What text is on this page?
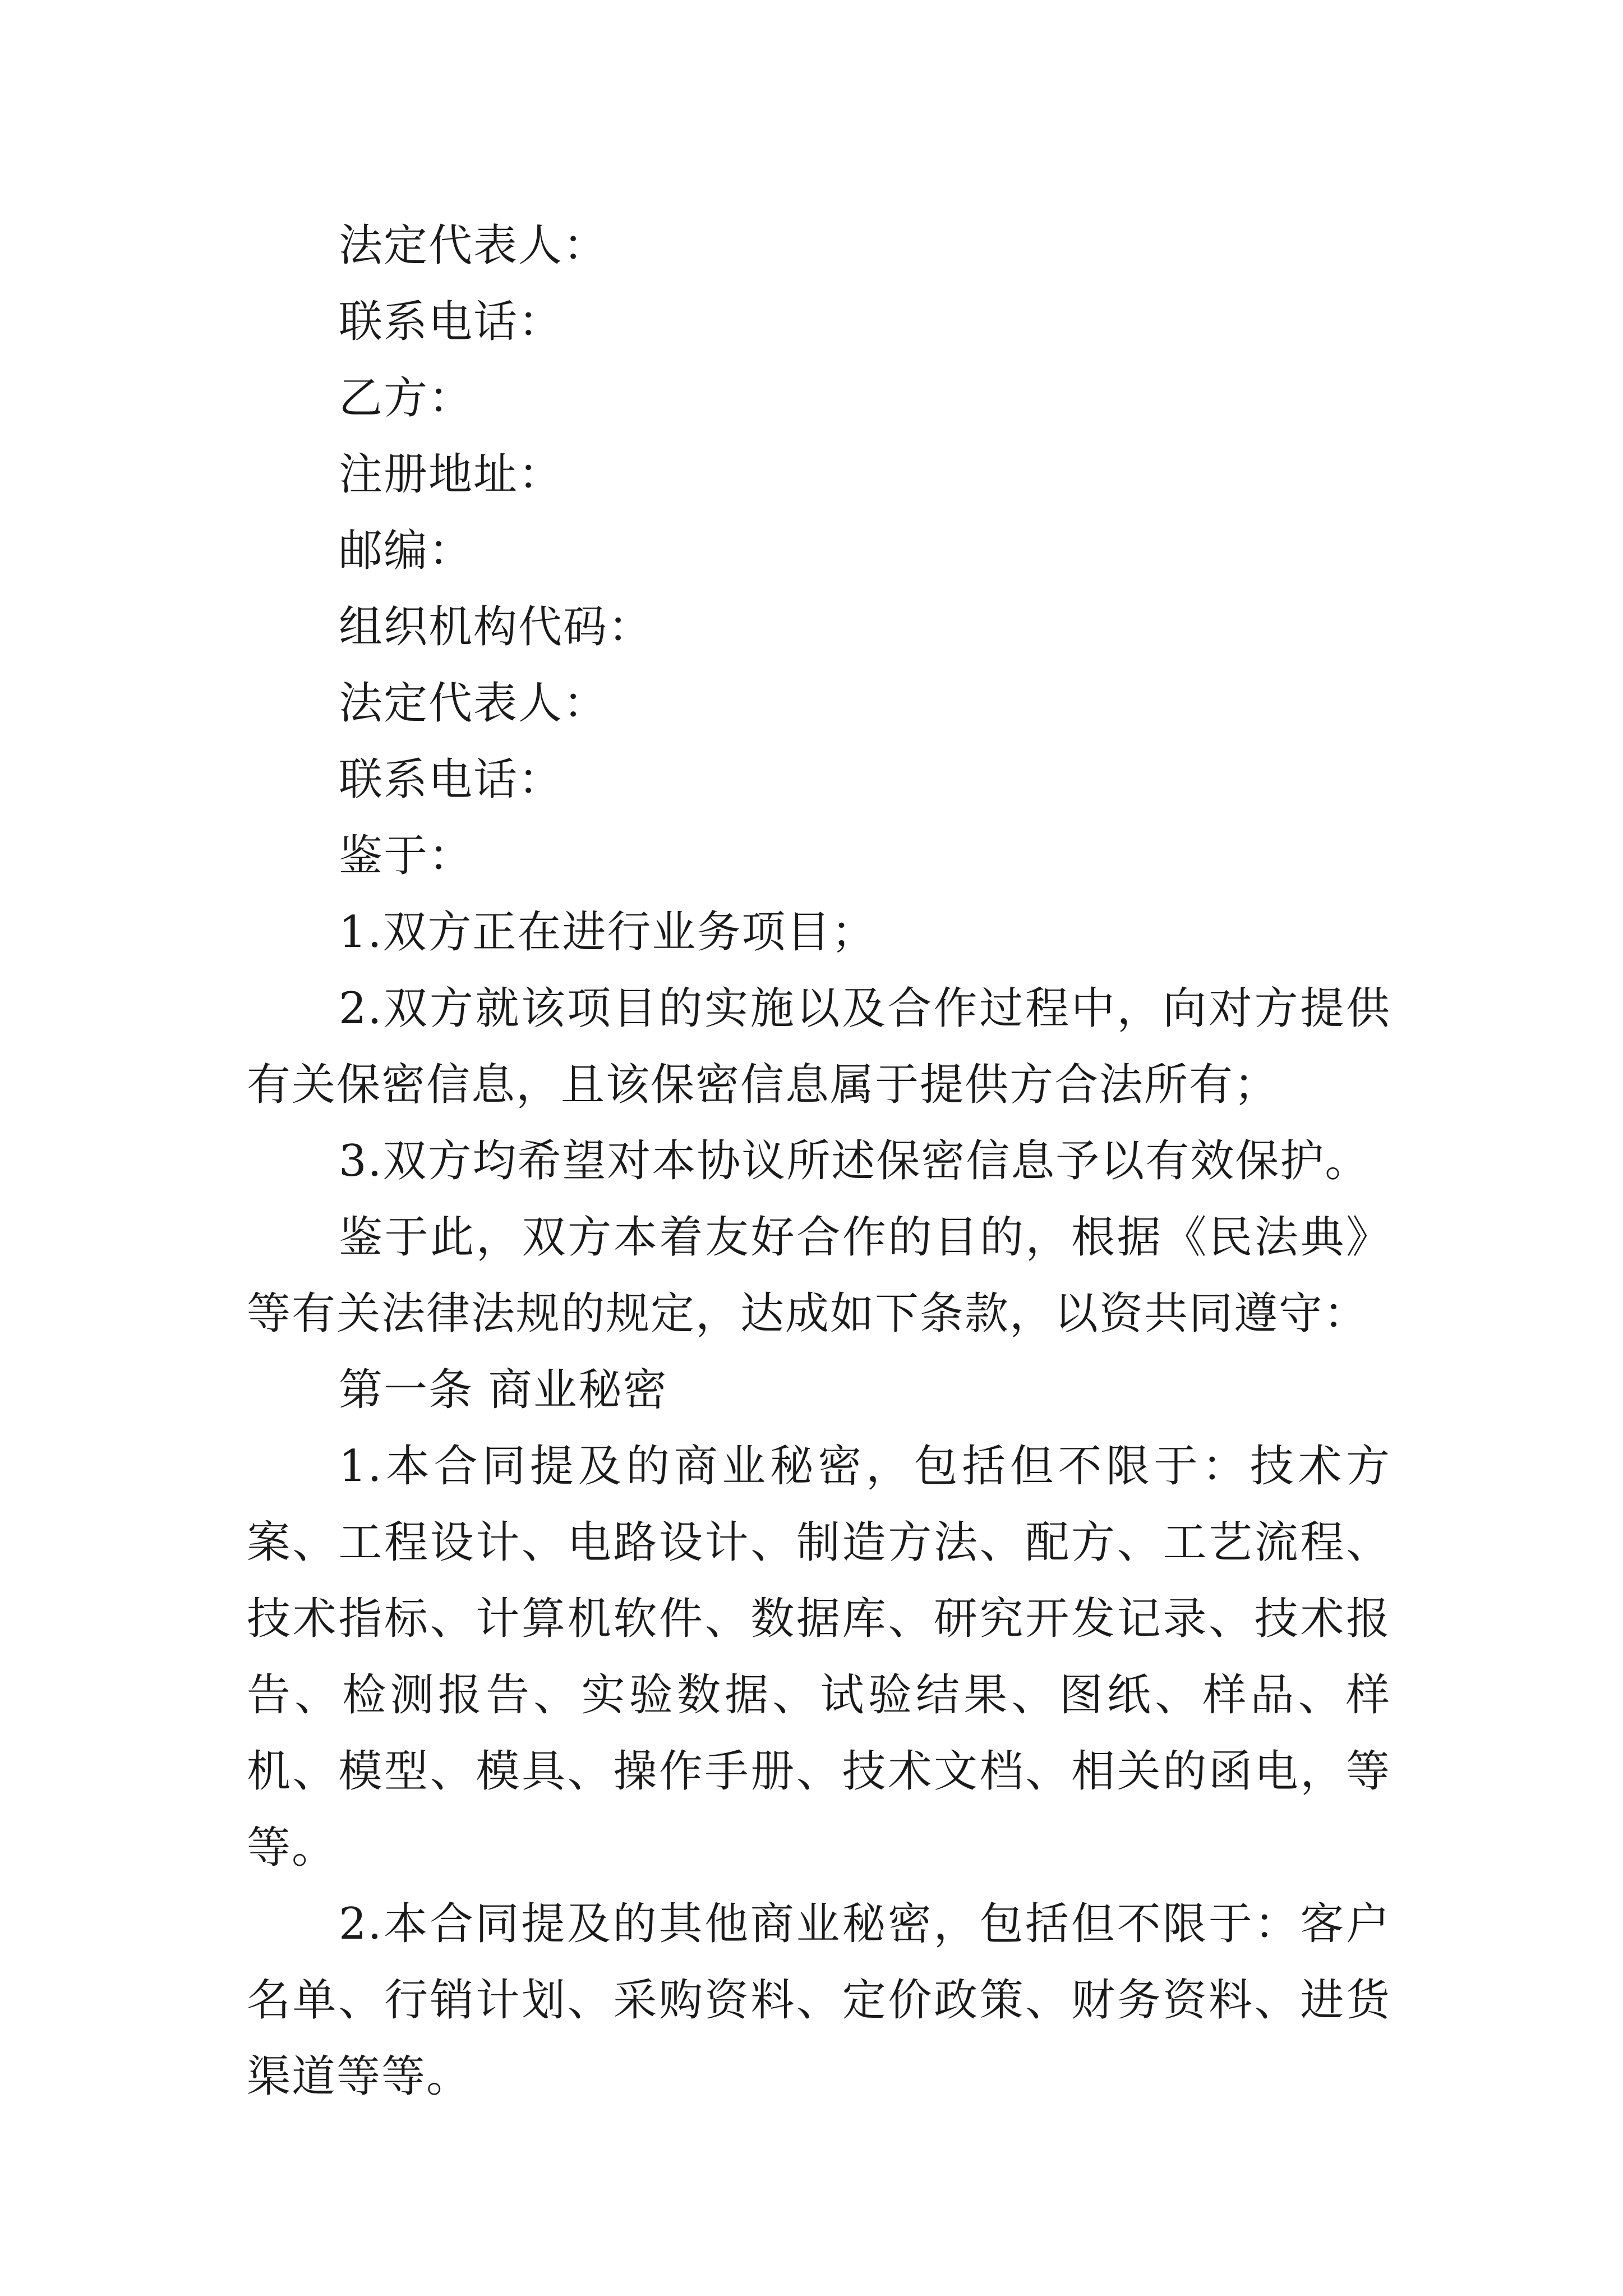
法定代表人：

联系电话：

乙方：

注册地址：

邮编：

组织机构代码：

法定代表人：

联系电话：

鉴于：

1.双方正在进行业务项目；

2.双方就该项目的实施以及合作过程中，向对方提供有关保密信息，且该保密信息属于提供方合法所有；

3.双方均希望对本协议所述保密信息予以有效保护。

鉴于此，双方本着友好合作的目的，根据《民法典》等有关法律法规的规定，达成如下条款，以资共同遵守：

第一条 商业秘密

1.本合同提及的商业秘密，包括但不限于：技术方案、工程设计、电路设计、制造方法、配方、工艺流程、技术指标、计算机软件、数据库、研究开发记录、技术报告、检测报告、实验数据、试验结果、图纸、样品、样机、模型、模具、操作手册、技术文档、相关的函电，等等。

2.本合同提及的其他商业秘密，包括但不限于：客户名单、行销计划、采购资料、定价政策、财务资料、进货渠道等等。
